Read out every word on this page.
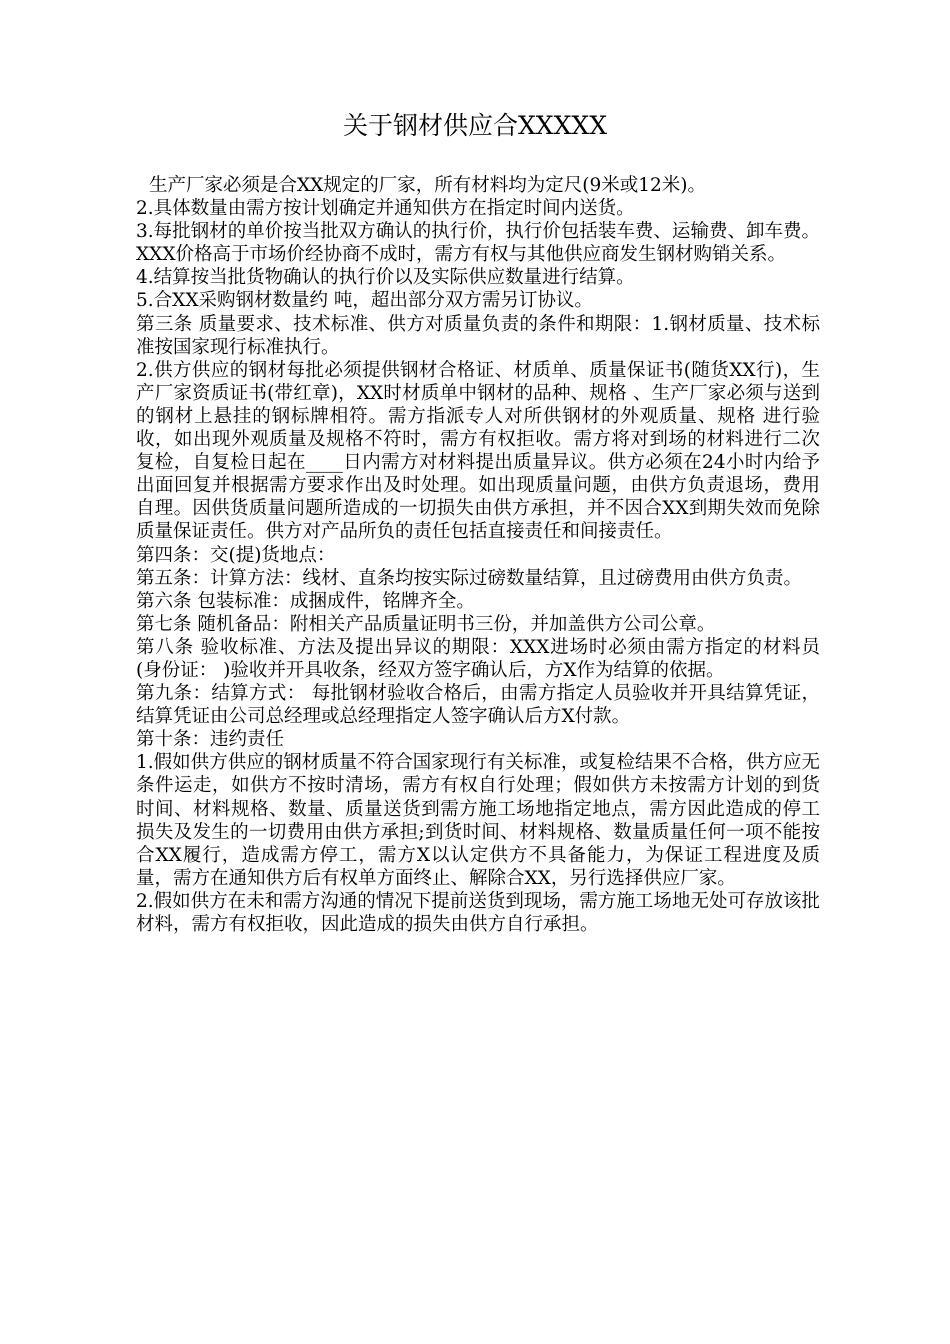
关于钢材供应合XXXXX

生产厂家必须是合XX规定的厂家，所有材料均为定尺(9米或12米)。

2.具体数量由需方按计划确定并通知供方在指定时间内送货。

3.每批钢材的单价按当批双方确认的执行价，执行价包括装车费、运输费、卸车费。XXX价格高于市场价经协商不成时，需方有权与其他供应商发生钢材购销关系。

4.结算按当批货物确认的执行价以及实际供应数量进行结算。

5.合XX采购钢材数量约 吨，超出部分双方需另订协议。

第三条 质量要求、技术标准、供方对质量负责的条件和期限：1.钢材质量、技术标准按国家现行标准执行。

2.供方供应的钢材每批必须提供钢材合格证、材质单、质量保证书(随货XX行)，生产厂家资质证书(带红章)，XX时材质单中钢材的品种、规格 、生产厂家必须与送到的钢材上悬挂的钢标牌相符。需方指派专人对所供钢材的外观质量、规格 进行验收，如出现外观质量及规格不符时，需方有权拒收。需方将对到场的材料进行二次复检，自复检日起在____日内需方对材料提出质量异议。供方必须在24小时内给予出面回复并根据需方要求作出及时处理。如出现质量问题，由供方负责退场，费用自理。因供货质量问题所造成的一切损失由供方承担，并不因合XX到期失效而免除质量保证责任。供方对产品所负的责任包括直接责任和间接责任。

第四条：交(提)货地点：

第五条：计算方法：线材、直条均按实际过磅数量结算，且过磅费用由供方负责。

第六条 包装标准：成捆成件，铭牌齐全。

第七条 随机备品：附相关产品质量证明书三份，并加盖供方公司公章。

第八条 验收标准、方法及提出异议的期限：XXX进场时必须由需方指定的材料员 (身份证： )验收并开具收条，经双方签字确认后，方X作为结算的依据。

第九条：结算方式： 每批钢材验收合格后，由需方指定人员验收并开具结算凭证，结算凭证由公司总经理或总经理指定人签字确认后方X付款。

第十条：违约责任

1.假如供方供应的钢材质量不符合国家现行有关标准，或复检结果不合格，供方应无条件运走，如供方不按时清场，需方有权自行处理；假如供方未按需方计划的到货时间、材料规格、数量、质量送货到需方施工场地指定地点，需方因此造成的停工损失及发生的一切费用由供方承担;到货时间、材料规格、数量质量任何一项不能按合XX履行，造成需方停工，需方X以认定供方不具备能力，为保证工程进度及质量，需方在通知供方后有权单方面终止、解除合XX，另行选择供应厂家。

2.假如供方在未和需方沟通的情况下提前送货到现场，需方施工场地无处可存放该批材料，需方有权拒收，因此造成的损失由供方自行承担。
